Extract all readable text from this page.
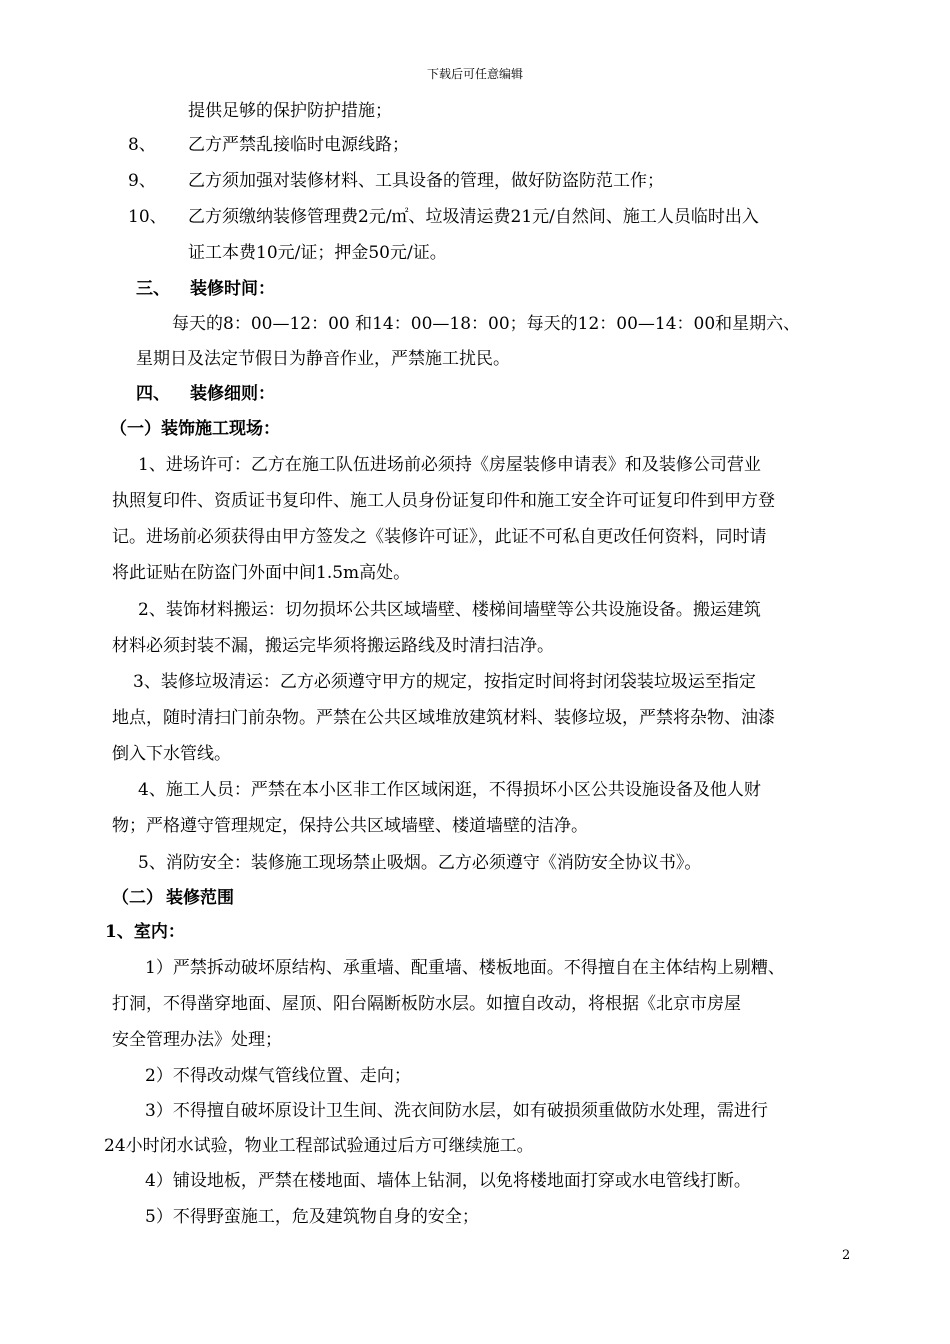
下载后可任意编辑
提供足够的保护防护措施；
8、 乙方严禁乱接临时电源线路；
9、 乙方须加强对装修材料、工具设备的管理，做好防盗防范工作；
10、 乙方须缴纳装修管理费2元/㎡、垃圾清运费21元/自然间、施工人员临时出入
证工本费10元/证；押金50元/证。
三、 装修时间：
每天的8：00—12：00 和14：00—18：00；每天的12：00—14：00和星期六、
星期日及法定节假日为静音作业，严禁施工扰民。
四、 装修细则：
（一）装饰施工现场：
1、进场许可：乙方在施工队伍进场前必须持《房屋装修申请表》和及装修公司营业
执照复印件、资质证书复印件、施工人员身份证复印件和施工安全许可证复印件到甲方登
记。进场前必须获得由甲方签发之《装修许可证》，此证不可私自更改任何资料，同时请
将此证贴在防盗门外面中间1.5m高处。
2、装饰材料搬运：切勿损坏公共区域墙壁、楼梯间墙壁等公共设施设备。搬运建筑
材料必须封装不漏，搬运完毕须将搬运路线及时清扫洁净。
3、装修垃圾清运：乙方必须遵守甲方的规定，按指定时间将封闭袋装垃圾运至指定
地点，随时清扫门前杂物。严禁在公共区域堆放建筑材料、装修垃圾，严禁将杂物、油漆
倒入下水管线。
4、施工人员：严禁在本小区非工作区域闲逛，不得损坏小区公共设施设备及他人财
物；严格遵守管理规定，保持公共区域墙壁、楼道墙壁的洁净。
5、消防安全：装修施工现场禁止吸烟。乙方必须遵守《消防安全协议书》。
（二） 装修范围
1、室内：
1）严禁拆动破坏原结构、承重墙、配重墙、楼板地面。不得擅自在主体结构上剔糟、
打洞，不得凿穿地面、屋顶、阳台隔断板防水层。如擅自改动，将根据《北京市房屋
安全管理办法》处理；
2）不得改动煤气管线位置、走向；
3）不得擅自破坏原设计卫生间、洗衣间防水层，如有破损须重做防水处理，需进行
24小时闭水试验，物业工程部试验通过后方可继续施工。
4）铺设地板，严禁在楼地面、墙体上钻洞，以免将楼地面打穿或水电管线打断。
5）不得野蛮施工，危及建筑物自身的安全；
2
